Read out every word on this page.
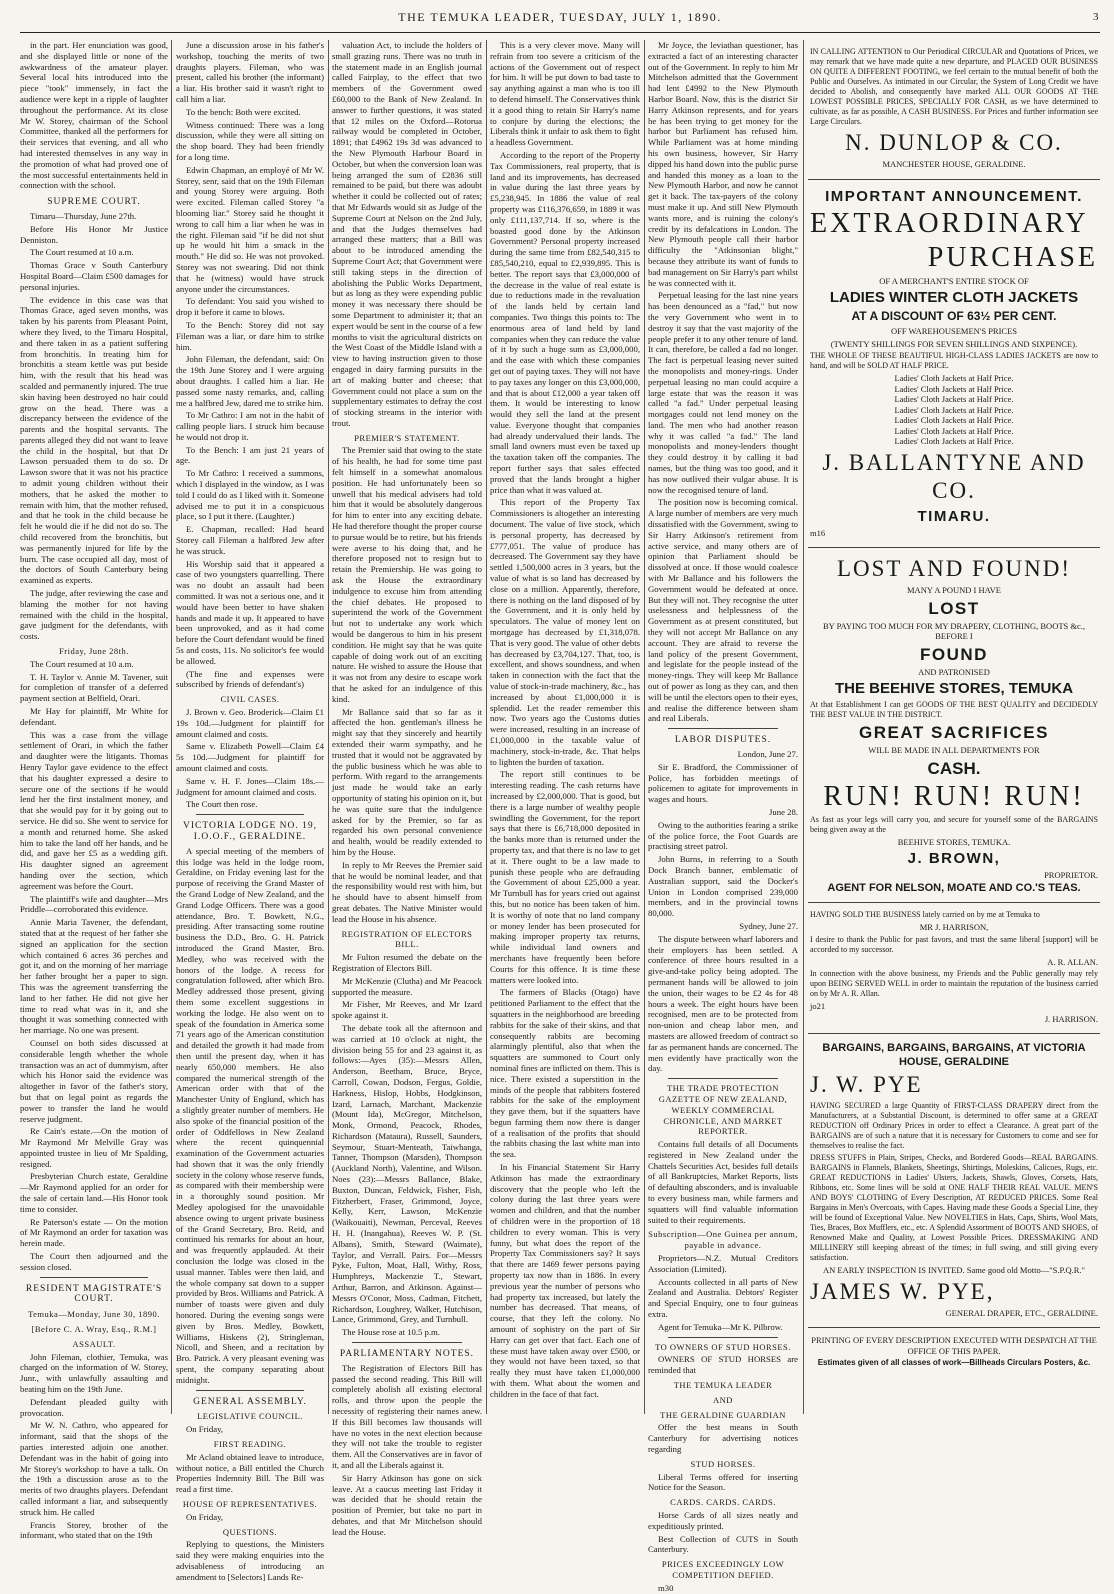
THE TEMUKA LEADER, TUESDAY, JULY 1, 1890.	3

in the part. Her enunciation was good, and she displayed little or none of the awkwardness of the amateur player. Several local hits introduced into the piece "took" immensely, in fact the audience were kept in a ripple of laughter throughout the performance. At its close Mr W. Storey, chairman of the School Committee, thanked all the performers for their services that evening, and all who had interested themselves in any way in the promotion of what had proved one of the most successful entertainments held in connection with the school.

SUPREME COURT.

Timaru—Thursday, June 27th.

Before His Honor Mr Justice Denniston.

The Court resumed at 10 a.m.

Thomas Grace v South Canterbury Hospital Board—Claim £500 damages for personal injuries.

The evidence in this case was that Thomas Grace, aged seven months, was taken by his parents from Pleasant Point, where they lived, to the Timaru Hospital, and there taken in as a patient suffering from bronchitis. In treating him for bronchitis a steam kettle was put beside him, with the result that his head was scalded and permanently injured. The true skin having been destroyed no hair could grow on the head. There was a discrepancy between the evidence of the parents and the hospital servants. The parents alleged they did not want to leave the child in the hospital, but that Dr Lawson persuaded them to do so. Dr Lawson swore that it was not his practice to admit young children without their mothers, that he asked the mother to remain with him, that the mother refused, and that he took in the child because he felt he would die if he did not do so. The child recovered from the bronchitis, but was permanently injured for life by the burn. The case occupied all day, most of the doctors of South Canterbury being examined as experts.

The judge, after reviewing the case and blaming the mother for not having remained with the child in the hospital, gave judgment for the defendants, with costs.

Friday, June 28th.

The Court resumed at 10 a.m.

T. H. Taylor v. Annie M. Tavener, suit for completion of transfer of a deferred payment section at Belfield, Orari.

Mr Hay for plaintiff, Mr White for defendant.

This was a case from the village settlement of Orari, in which the father and daughter were the litigants. Thomas Henry Taylor gave evidence to the effect that his daughter expressed a desire to secure one of the sections if he would lend her the first instalment money, and that she would pay for it by going out to service. He did so. She went to service for a month and returned home. She asked him to take the land off her hands, and he did, and gave her £5 as a wedding gift. His daughter signed an agreement handing over the section, which agreement was before the Court.

The plaintiff's wife and daughter—Mrs Priddle—corroborated this evidence.

Annie Maria Tavener, the defendant, stated that at the request of her father she signed an application for the section which contained 6 acres 36 perches and got it, and on the morning of her marriage her father brought her a paper to sign. This was the agreement transferring the land to her father. He did not give her time to read what was in it, and she thought it was something connected with her marriage. No one was present.

Counsel on both sides discussed at considerable length whether the whole transaction was an act of dummyism, after which his Honor said the evidence was altogether in favor of the father's story, but that on legal point as regards the power to transfer the land he would reserve judgment.

Re Cain's estate.—On the motion of Mr Raymond Mr Melville Gray was appointed trustee in lieu of Mr Spalding, resigned.

Presbyterian Church estate, Geraldine—Mr Raymond applied for an order for the sale of certain land.—His Honor took time to consider.

Re Paterson's estate — On the motion of Mr Raymond an order for taxation was herein made.

The Court then adjourned and the session closed.

RESIDENT MAGISTRATE'S COURT.
Temuka—Monday, June 30, 1890.
[Before C. A. Wray, Esq., R.M.]
ASSAULT.

John Fileman, clothier, Temuka, was charged on the information of W. Storey, Junr., with unlawfully assaulting and beating him on the 19th June.

Defendant pleaded guilty with provocation.

Mr W. N. Cathro, who appeared for informant, said that the shops of the parties interested adjoin one another. Defendant was in the habit of going into Mr Storey's workshop to have a talk. On the 19th a discussion arose as to the merits of two draughts players. Defendant called informant a liar, and subsequently struck him. He called

Francis Storey, brother of the informant, who stated that on the 19th

June a discussion arose in his father's workshop, touching the merits of two draughts players. Fileman, who was present, called his brother (the informant) a liar. His brother said it wasn't right to call him a liar.

To the bench: Both were excited.

Witness continued: There was a long discussion, while they were all sitting on the shop board. They had been friendly for a long time.

Edwin Chapman, an employé of Mr W. Storey, senr, said that on the 19th Fileman and young Storey were arguing. Both were excited. Fileman called Storey "a blooming liar." Storey said he thought it wrong to call him a liar when he was in the right. Fileman said "if he did not shut up he would hit him a smack in the mouth." He did so. He was not provoked. Storey was not swearing. Did not think that he (witness) would have struck anyone under the circumstances.

To defendant: You said you wished to drop it before it came to blows.

To the Bench: Storey did not say Fileman was a liar, or dare him to strike him.

John Fileman, the defendant, said: On the 19th June Storey and I were arguing about draughts. I called him a liar. He passed some nasty remarks, and, calling me a halfbred Jew, dared me to strike him.

To Mr Cathro: I am not in the habit of calling people liars. I struck him because he would not drop it.

To the Bench: I am just 21 years of age.

To Mr Cathro: I received a summons, which I displayed in the window, as I was told I could do as I liked with it. Someone advised me to put it in a conspicuous place, so I put it there. (Laughter.)

E. Chapman, recalled: Had heard Storey call Fileman a halfbred Jew after he was struck.

His Worship said that it appeared a case of two youngsters quarrelling. There was no doubt an assault had been committed. It was not a serious one, and it would have been better to have shaken hands and made it up. It appeared to have been unprovoked, and as it had come before the Court defendant would be fined 5s and costs, 11s. No solicitor's fee would be allowed.

(The fine and expenses were subscribed by friends of defendant's)

CIVIL CASES.

J. Brown v. Geo. Broderick—Claim £1 19s 10d.—Judgment for plaintiff for amount claimed and costs.

Same v. Elizabeth Powell—Claim £4 5s 10d.—Judgment for plaintiff for amount claimed and costs.

Same v. H. F. Jones—Claim 18s.—Judgment for amount claimed and costs.

The Court then rose.

VICTORIA LODGE NO. 19, I.O.O.F., GERALDINE.

A special meeting of the members of this lodge was held in the lodge room, Geraldine, on Friday evening last for the purpose of receiving the Grand Master of the Grand Lodge of New Zealand, and the Grand Lodge Officers. There was a good attendance, Bro. T. Bowkett, N.G., presiding. After transacting some routine business the D.D., Bro. G. H. Patrick introduced the Grand Master, Bro. Medley, who was received with the honors of the lodge. A recess for congratulation followed, after which Bro. Medley addressed those present, giving them some excellent suggestions in working the lodge. He also went on to speak of the foundation in America some 71 years ago of the American constitution and detailed the growth it had made from then until the present day, when it has nearly 650,000 members. He also compared the numerical strength of the American order with that of the Manchester Unity of Englund, which has a slightly greater number of members. He also spoke of the financial position of the order of Oddfellows in New Zealand where the recent quinquennial examination of the Government actuaries had shown that it was the only friendly society in the colony whose reserve funds, as compared with their membership were in a thoroughly sound position. Mr Medley apologised for the unavoidable absence owing to urgent private business of the Grand Secretary, Bro. Reid, and continued his remarks for about an hour, and was frequently applauded. At their conclusion the lodge was closed in the usual manner. Tables were then laid, and the whole company sat down to a supper provided by Bros. Williams and Patrick. A number of toasts were given and duly honored. During the evening songs were given by Bros. Medley, Bowkett, Williams, Hiskens (2), Stringleman, Nicoll, and Sheen, and a recitation by Bro. Patrick. A very pleasant evening was spent, the company separating about midnight.

GENERAL ASSEMBLY.
LEGISLATIVE COUNCIL.

On Friday,

FIRST READING.

Mr Acland obtained leave to introduce, without notice, a Bill entitled the Church Properties Indemnity Bill. The Bill was read a first time.

HOUSE OF REPRESENTATIVES.

On Friday,

QUESTIONS.

Replying to questions, the Ministers said they were making enquiries into the advisableness of introducing an amendment to [Selectors] Lands Re-

valuation Act, to include the holders of small grazing runs. There was no truth in the statement made in an English journal called Fairplay, to the effect that two members of the Government owed £60,000 to the Bank of New Zealand. In answer to further questions, it was stated that 12 miles on the Oxford—Rotorua railway would be completed in October, 1891; that £4962 19s 3d was advanced to the New Plymouth Harbour Board in October, but when the conversion loan was being arranged the sum of £2836 still remained to be paid, but there was adoubt whether it could be collected out of rates; that Mr Edwards would sit as Judge of the Supreme Court at Nelson on the 2nd July, and that the Judges themselves had arranged these matters; that a Bill was about to be introduced amending the Supreme Court Act; that Government were still taking steps in the direction of abolishing the Public Works Department, but as long as they were expending public money it was necessary there should be some Department to administer it; that an expert would be sent in the course of a few months to visit the agricultural districts on the West Coast of the Middle Island with a view to having instruction given to those engaged in dairy farming pursuits in the art of making butter and cheese; that Government could not place a sum on the supplementary estimates to defray the cost of stocking streams in the interior with trout.

PREMIER'S STATEMENT.

The Premier said that owing to the state of his health, he had for some time past felt himself in a somewhat anomalous position. He had unfortunately been so unwell that his medical advisers had told him that it would be absolutely dangerous for him to enter into any exciting debate. He had therefore thought the proper course to pursue would be to retire, but his friends were averse to his doing that, and he therefore proposed not to resign but to retain the Premiership. He was going to ask the House the extraordinary indulgence to excuse him from attending the chief debates. He proposed to superintend the work of the Government but not to undertake any work which would be dangerous to him in his present condition. He might say that he was quite capable of doing work out of an exciting nature. He wished to assure the House that it was not from any desire to escape work that he asked for an indulgence of this kind.

Mr Ballance said that so far as it affected the hon. gentleman's illness he might say that they sincerely and heartily extended their warm sympathy, and he trusted that it would not be aggravated by the public business which he was able to perform. With regard to the arrangements just made he would take an early opportunity of stating his opinion on it, but he was quite sure that the indulgence asked for by the Premier, so far as regarded his own personal convenience and health, would be readily extended to him by the House.

In reply to Mr Reeves the Premier said that he would be nominal leader, and that the responsibility would rest with him, but he should have to absent himself from great debates. The Native Minister would lead the House in his absence.

REGISTRATION OF ELECTORS BILL.

Mr Fulton resumed the debate on the Registration of Electors Bill.

Mr McKenzie (Clutha) and Mr Peacock supported the measure.

Mr Fisher, Mr Reeves, and Mr Izard spoke against it.

The debate took all the afternoon and was carried at 10 o'clock at night, the division being 55 for and 23 against it, as follows:—Ayes (35):—Messrs Allen, Anderson, Beetham, Bruce, Bryce, Carroll, Cowan, Dodson, Fergus, Goldie, Harkness, Hislop, Hobbs, Hodgkinson, Izard, Larnach, Marchant, Mackenzie (Mount Ida), McGregor, Mitchelson, Monk, Ormond, Peacock, Rhodes, Richardson (Mataura), Russell, Saunders, Seymour, Stuart-Menteath, Taiwhanga, Tanner, Thompson (Marsden), Thompson (Auckland North), Valentine, and Wilson. Noes (23):—Messrs Ballance, Blake, Buxton, Duncan, Feldwick, Fisher, Fish, Fitzherbert, Fraser, Grimmond, Joyce, Kelly, Kerr, Lawson, McKenzie (Waikouaiti), Newman, Perceval, Reeves H. H. (Inangahua), Reeves W. P. (St. Albans), Smith, Steward (Waimate), Taylor, and Verrall. Pairs. For—Messrs Pyke, Fulton, Moat, Hall, Withy, Ross, Humphreys, Mackenzie T., Stewart, Arthur, Barron, and Atkinson. Against—Messrs O'Conor, Moss, Cadman, Fitchett, Richardson, Loughrey, Walker, Hutchison, Lance, Grimmond, Grey, and Turnbull.

The House rose at 10.5 p.m.

PARLIAMENTARY NOTES.

The Registration of Electors Bill has passed the second reading. This Bill will completely abolish all existing electoral rolls, and throw upon the people the necessity of registering their names anew. If this Bill becomes law thousands will have no votes in the next election because they will not take the trouble to register them. All the Conservatives are in favor of it, and all the Liberals against it.

Sir Harry Atkinson has gone on sick leave. At a caucus meeting last Friday it was decided that he should retain the position of Premier, but take no part in debates, and that Mr Mitchelson should lead the House.

This is a very clever move. Many will refrain from too severe a criticism of the actions of the Government out of respect for him. It will be put down to bad taste to say anything against a man who is too ill to defend himself. The Conservatives think it a good thing to retain Sir Harry's name to conjure by during the elections; the Liberals think it unfair to ask them to fight a headless Government.

According to the report of the Property Tax Commissioners, real property, that is land and its improvements, has decreased in value during the last three years by £5,238,945. In 1886 the value of real property was £116,376,659, in 1889 it was only £111,137,714. If so, where is the boasted good done by the Atkinson Government? Personal property increased during the same time from £82,540,315 to £85,540,210, equal to £2,939,895. This is better. The report says that £3,000,000 of the decrease in the value of real estate is due to reductions made in the revaluation of the lands held by certain land companies. Two things this points to: The enormous area of land held by land companies when they can reduce the value of it by such a huge sum as £3,000,000, and the ease with which these companies get out of paying taxes. They will not have to pay taxes any longer on this £3,000,000, and that is about £12,000 a year taken off them. It would be interesting to know would they sell the land at the present value. Everyone thought that companies had already undervalued their lands. The small land owners must even be taxed up the taxation taken off the companies. The report further says that sales effected proved that the lands brought a higher price than what it was valued at.

This report of the Property Tax Commissioners is altogether an interesting document. The value of live stock, which is personal property, has decreased by £777,051. The value of produce has decreased. The Government say they have settled 1,500,000 acres in 3 years, but the value of what is so land has decreased by close on a million. Apparently, therefore, there is nothing on the land disposed of by the Government, and it is only held by speculators. The value of money lent on mortgage has decreased by £1,318,078. That is very good. The value of other debts has decreased by £3,704,127. That, too, is excellent, and shows soundness, and when taken in connection with the fact that the value of stock-in-trade machinery, &c., has increased by about £1,000,000 it is splendid. Let the reader remember this now. Two years ago the Customs duties were increased, resulting in an increase of £1,000,000 in the taxable value of machinery, stock-in-trade, &c. That helps to lighten the burden of taxation.

The report still continues to be interesting reading. The cash returns have increased by £2,000,000. That is good, but there is a large number of wealthy people swindling the Government, for the report says that there is £6,718,000 deposited in the banks more than is returned under the property tax, and that there is no law to get at it. There ought to be a law made to punish these people who are defrauding the Government of about £25,000 a year. Mr Turnbull has for years cried out against this, but no notice has been taken of him. It is worthy of note that no land company or money lender has been prosecuted for making improper property tax returns, while individual land owners and merchants have frequently been before Courts for this offence. It is time these matters were looked into.

The farmers of Blacks (Otago) have petitioned Parliament to the effect that the squatters in the neighborhood are breeding rabbits for the sake of their skins, and that consequently rabbits are becoming alarmingly plentiful, also that when the squatters are summoned to Court only nominal fines are inflicted on them. This is nice. There existed a superstition in the minds of the people that rabbiters fostered rabbits for the sake of the employment they gave them, but if the squatters have begun farming them now there is danger of a realisation of the profits that should the rabbits chasing the last white man into the sea.

In his Financial Statement Sir Harry Atkinson has made the extraordinary discovery that the people who left the colony during the last three years were women and children, and that the number of children were in the proportion of 18 children to every woman. This is very funny, but what does the report of the Property Tax Commissioners say? It says that there are 1469 fewer persons paying property tax now than in 1886. In every previous year the number of persons who had property tax increased, but lately the number has decreased. That means, of course, that they left the colony. No amount of sophistry on the part of Sir Harry can get over that fact. Each one of these must have taken away over £500, or they would not have been taxed, so that really they must have taken £1,000,000 with them. What about the women and children in the face of that fact.

Mr Joyce, the leviathan questioner, has extracted a fact of an interesting character out of the Government. In reply to him Mr Mitchelson admitted that the Government had lent £4992 to the New Plymouth Harbor Board. Now, this is the district Sir Harry Atkinson represents, and for years he has been trying to get money for the harbor but Parliament has refused him. While Parliament was at home minding his own business, however, Sir Harry dipped his hand down into the public purse and handed this money as a loan to the New Plymouth Harbor, and now he cannot get it back. The tax-payers of the colony must make it up. And still New Plymouth wants more, and is ruining the colony's credit by its defalcations in London. The New Plymouth people call their harbor difficulty the "Atkinsonian blight," because they attribute its want of funds to bad management on Sir Harry's part whilst he was connected with it.

Perpetual leasing for the last nine years has been denounced as a "fad," but now the very Government who went in to destroy it say that the vast majority of the people prefer it to any other tenure of land. It can, therefore, be called a fad no longer. The fact is perpetual leasing never suited the monopolists and money-rings. Under perpetual leasing no man could acquire a large estate that was the reason it was called "a fad." Under perpetual leasing mortgages could not lend money on the land. The men who had another reason why it was called "a fad." The land monopolists and money-lenders thought they could destroy it by calling it bad names, but the thing was too good, and it has now outlived their vulgar abuse. It is now the recognised tenure of land.

The position now is becoming comical. A large number of members are very much dissatisfied with the Government, swing to Sir Harry Atkinson's retirement from active service, and many others are of opinion that Parliament should be dissolved at once. If those would coalesce with Mr Ballance and his followers the Government would be defeated at once. But they will not. They recognise the utter uselessness and helplessness of the Government as at present constituted, but they will not accept Mr Ballance on any account. They are afraid to reverse the land policy of the present Government, and legislate for the people instead of the money-rings. They will keep Mr Ballance out of power as long as they can, and then will be until the electors open to their eyes, and realise the difference between sham and real Liberals.

LABOR DISPUTES.

London, June 27.

Sir E. Bradford, the Commissioner of Police, has forbidden meetings of policemen to agitate for improvements in wages and hours.

June 28.

Owing to the authorities fearing a strike of the police force, the Foot Guards are practising street patrol.

John Burns, in referring to a South Dock Branch banner, emblematic of Australian support, said the Docker's Union in London comprised 239,000 members, and in the provincial towns 80,000.

Sydney, June 27.

The dispute between wharf laborers and their employers has been settled. A conference of three hours resulted in a give-and-take policy being adopted. The permanent hands will be allowed to join the union, their wages to be £2 4s for 48 hours a week. The eight hours have been recognised, men are to be protected from non-union and cheap labor men, and masters are allowed freedom of contract so far as permanent hands are concerned. The men evidently have practically won the day.

THE TRADE PROTECTION GAZETTE OF NEW ZEALAND, WEEKLY COMMERCIAL CHRONICLE, AND MARKET REPORTER.

Contains full details of all Documents registered in New Zealand under the Chattels Securities Act, besides full details of all Bankruptcies, Market Reports, lists of defaulting absconders, and is invaluable to every business man, while farmers and squatters will find valuable information suited to their requirements.

Subscription—One Guinea per annum, payable in advance.

Proprietors—N.Z. Mutual Creditors Association (Limited).

Accounts collected in all parts of New Zealand and Australia. Debtors' Register and Special Enquiry, one to four guineas extra.

Agent for Temuka—Mr K. Pilbrow.

TO OWNERS OF STUD HORSES.

OWNERS OF STUD HORSES are reminded that

THE TEMUKA LEADER
AND
THE GERALDINE GUARDIAN

Offer the best means in South Canterbury for advertising notices regarding

STUD HORSES.

Liberal Terms offered for inserting Notice for the Season.

CARDS. CARDS. CARDS.

Horse Cards of all sizes neatly and expeditiously printed.

Best Collection of CUTS in South Canterbury.

PRICES EXCEEDINGLY LOW COMPETITION DEFIED.

m30

IN CALLING ATTENTION to Our Periodical CIRCULAR and Quotations of Prices, we may remark that we have made quite a new departure, and PLACED OUR BUSINESS ON QUITE A DIFFERENT FOOTING, we feel certain to the mutual benefit of both the Public and Ourselves. As intimated in our Circular, the System of Long Credit we have decided to Abolish, and consequently have marked ALL OUR GOODS AT THE LOWEST POSSIBLE PRICES, SPECIALLY FOR CASH, as we have determined to cultivate, as far as possible, A CASH BUSINESS. For Prices and further information see Large Circulars.

N. DUNLOP & CO.

MANCHESTER HOUSE, GERALDINE.

IMPORTANT ANNOUNCEMENT.

EXTRAORDINARY

PURCHASE

OF A MERCHANT'S ENTIRE STOCK OF

LADIES WINTER CLOTH JACKETS

AT A DISCOUNT OF 63½ PER CENT.

OFF WAREHOUSEMEN'S PRICES

(TWENTY SHILLINGS FOR SEVEN SHILLINGS AND SIXPENCE).

THE WHOLE OF THESE BEAUTIFUL HIGH-CLASS LADIES JACKETS are now to hand, and will be SOLD AT HALF PRICE.

Ladies' Cloth Jackets at Half Price.

Ladies' Cloth Jackets at Half Price.

Ladies' Cloth Jackets at Half Price.

Ladies' Cloth Jackets at Half Price.

Ladies' Cloth Jackets at Half Price.

Ladies' Cloth Jackets at Half Price.

Ladies' Cloth Jackets at Half Price.

J. BALLANTYNE AND CO.

TIMARU.

m16

LOST AND FOUND!

MANY A POUND I HAVE

LOST

BY PAYING TOO MUCH FOR MY DRAPERY, CLOTHING, BOOTS &c., BEFORE I

FOUND

AND PATRONISED

THE BEEHIVE STORES, TEMUKA

At that Establishment I can get GOODS OF THE BEST QUALITY and DECIDEDLY THE BEST VALUE IN THE DISTRICT.

GREAT SACRIFICES

WILL BE MADE IN ALL DEPARTMENTS FOR

CASH.

RUN! RUN! RUN!

As fast as your legs will carry you, and secure for yourself some of the BARGAINS being given away at the

BEEHIVE STORES, TEMUKA.

J. BROWN,

PROPRIETOR.

AGENT FOR NELSON, MOATE AND CO.'S TEAS.

HAVING SOLD THE BUSINESS lately carried on by me at Temuka to

MR J. HARRISON,

I desire to thank the Public for past favors, and trust the same liberal [support] will be accorded to my successor.

A. R. ALLAN.

In connection with the above business, my Friends and the Public generally may rely upon BEING SERVED WELL in order to maintain the reputation of the business carried on by Mr A. R. Allan.

jo21

J. HARRISON.

BARGAINS, BARGAINS, BARGAINS, AT VICTORIA HOUSE, GERALDINE

J. W. PYE

HAVING SECURED a large Quantity of FIRST-CLASS DRAPERY direct from the Manufacturers, at a Substantial Discount, is determined to offer same at a GREAT REDUCTION off Ordinary Prices in order to effect a Clearance. A great part of the BARGAINS are of such a nature that it is necessary for Customers to come and see for themselves to realise the fact.

DRESS STUFFS in Plain, Stripes, Checks, and Bordered Goods—REAL BARGAINS. BARGAINS in Flannels, Blankets, Sheetings, Shirtings, Moleskins, Calicoes, Rugs, etc. GREAT REDUCTIONS in Ladies' Ulsters, Jackets, Shawls, Gloves, Corsets, Hats, Ribbons, etc. Some lines will be sold at ONE HALF THEIR REAL VALUE. MEN'S AND BOYS' CLOTHING of Every Description, AT REDUCED PRICES. Some Real Bargains in Men's Overcoats, with Capes. Having made these Goods a Special Line, they will be found of Exceptional Value. New NOVELTIES in Hats, Caps, Shirts, Wool Mats, Ties, Braces, Box Mufflers, etc., etc. A Splendid Assortment of BOOTS AND SHOES, of Renowned Make and Quality, at Lowest Possible Prices. DRESSMAKING AND MILLINERY still keeping abreast of the times; in full swing, and still giving every satisfaction.

AN EARLY INSPECTION IS INVITED. Same good old Motto—"S.P.Q.R."

JAMES W. PYE,

GENERAL DRAPER, ETC., GERALDINE.

PRINTING OF EVERY DESCRIPTION EXECUTED WITH DESPATCH AT THE OFFICE OF THIS PAPER.

Estimates given of all classes of work—Billheads Circulars Posters, &c.
